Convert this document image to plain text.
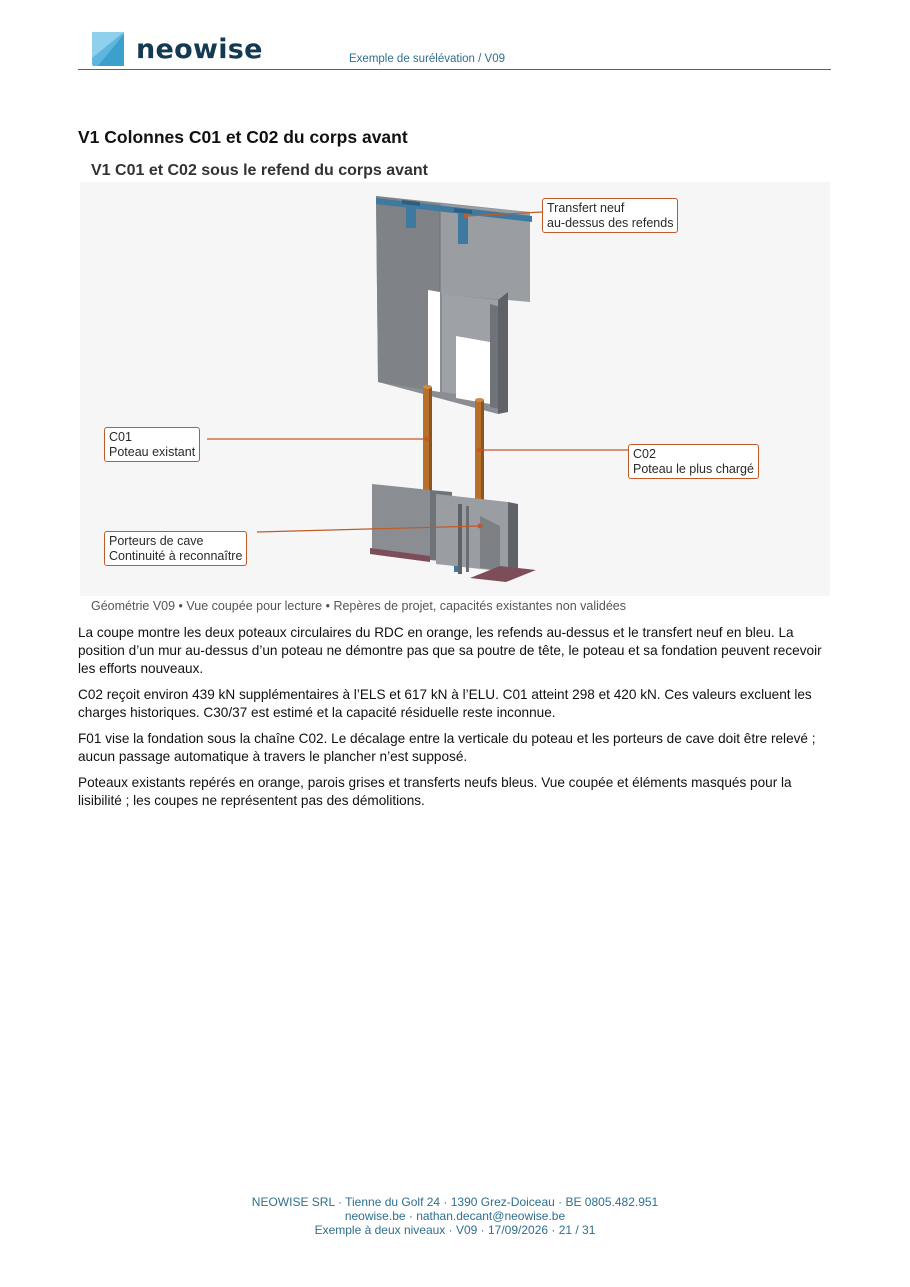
neowise	Exemple de surélévation / V09
V1 Colonnes C01 et C02 du corps avant
V1 C01 et C02 sous le refend du corps avant
Transfert neuf
au-dessus des refends
C01
Poteau existant	C02
Poteau le plus chargé
Porteurs de cave
Continuité à reconnaître
Géométrie V09 • Vue coupée pour lecture • Repères de projet, capacités existantes non validées

La coupe montre les deux poteaux circulaires du RDC en orange, les refends au-dessus et le transfert neuf en bleu. La position d’un mur au-dessus d’un poteau ne démontre pas que sa poutre de tête, le poteau et sa fondation peuvent recevoir les efforts nouveaux.

C02 reçoit environ 439 kN supplémentaires à l’ELS et 617 kN à l’ELU. C01 atteint 298 et 420 kN. Ces valeurs excluent les charges historiques. C30/37 est estimé et la capacité résiduelle reste inconnue.

F01 vise la fondation sous la chaîne C02. Le décalage entre la verticale du poteau et les porteurs de cave doit être relevé ; aucun passage automatique à travers le plancher n’est supposé.

Poteaux existants repérés en orange, parois grises et transferts neufs bleus. Vue coupée et éléments masqués pour la lisibilité ; les coupes ne représentent pas des démolitions.

NEOWISE SRL · Tienne du Golf 24 · 1390 Grez-Doiceau · BE 0805.482.951
neowise.be · nathan.decant@neowise.be
Exemple à deux niveaux · V09 · 17/09/2026 · 21 / 31
